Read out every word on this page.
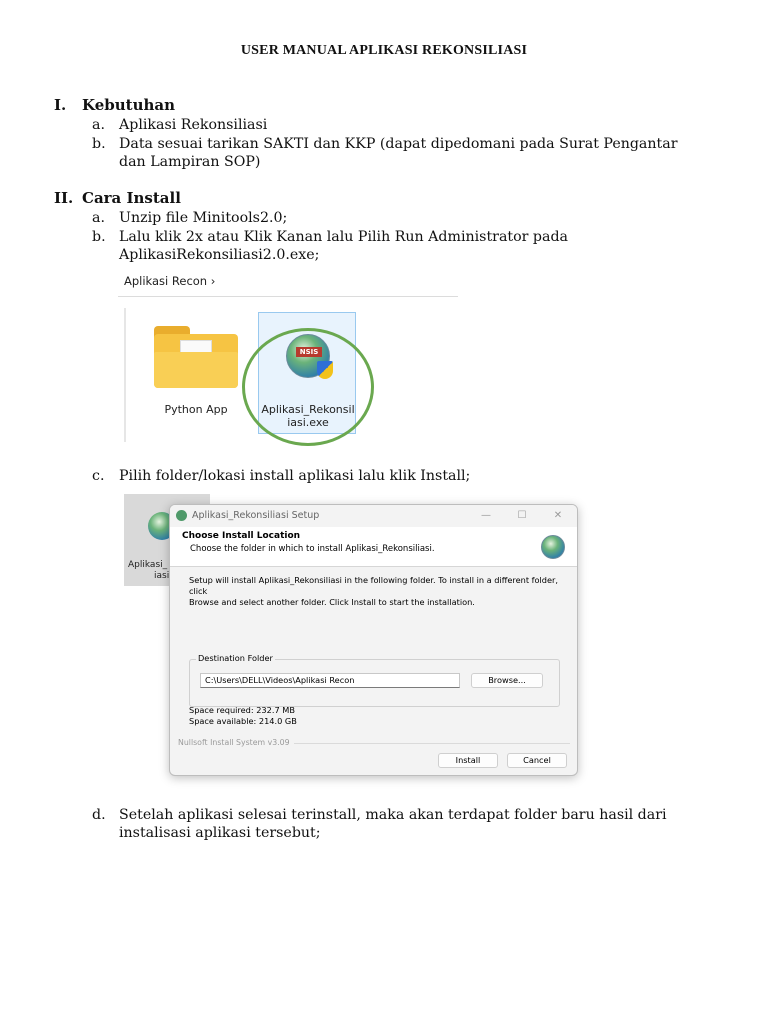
USER MANUAL APLIKASI REKONSILIASI
I. Kebutuhan
a. Aplikasi Rekonsiliasi
b. Data sesuai tarikan SAKTI dan KKP (dapat dipedomani pada Surat Pengantar
dan Lampiran SOP)
II. Cara Install
a. Unzip file Minitools2.0;
b. Lalu klik 2x atau Klik Kanan lalu Pilih Run Administrator pada
AplikasiRekonsiliasi2.0.exe;
Aplikasi Recon ›
Python App
NSIS
Aplikasi_Rekonsil
iasi.exe
c. Pilih folder/lokasi install aplikasi lalu klik Install;
Aplikasi_
iasi
Aplikasi_Rekonsiliasi Setup	—	☐	✕
Choose Install Location
Choose the folder in which to install Aplikasi_Rekonsiliasi.
Setup will install Aplikasi_Rekonsiliasi in the following folder. To install in a different folder, click
Browse and select another folder. Click Install to start the installation.
Destination Folder
C:\Users\DELL\Videos\Aplikasi Recon	Browse...
Space required: 232.7 MB
Space available: 214.0 GB
Nullsoft Install System v3.09
Install	Cancel
d. Setelah aplikasi selesai terinstall, maka akan terdapat folder baru hasil dari
instalisasi aplikasi tersebut;
